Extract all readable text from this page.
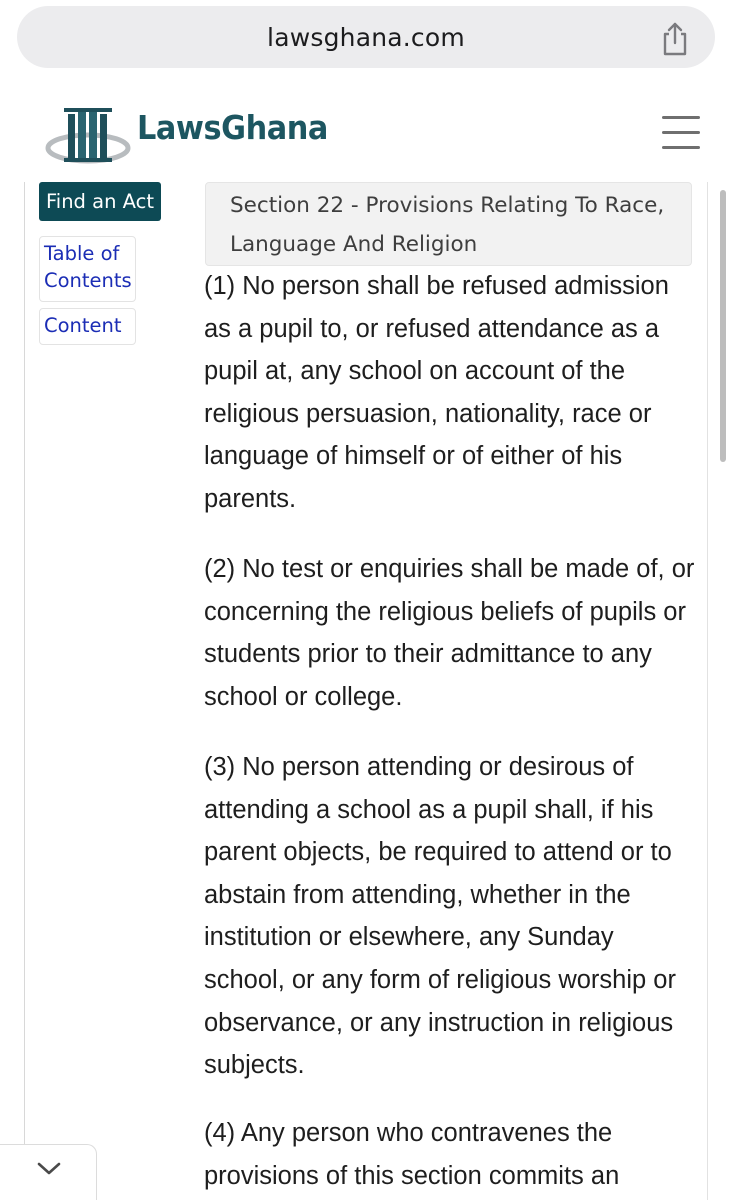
lawsghana.com
LawsGhana
Find an Act
Table of Contents
Content
Section 22 - Provisions Relating To Race, Language And Religion

(1) No person shall be refused admission as a pupil to, or refused attendance as a pupil at, any school on account of the religious persuasion, nationality, race or language of himself or of either of his parents.

(2) No test or enquiries shall be made of, or concerning the religious beliefs of pupils or students prior to their admittance to any school or college.

(3) No person attending or desirous of attending a school as a pupil shall, if his parent objects, be required to attend or to abstain from attending, whether in the institution or elsewhere, any Sunday school, or any form of religious worship or observance, or any instruction in religious subjects.

(4) Any person who contravenes the provisions of this section commits an
